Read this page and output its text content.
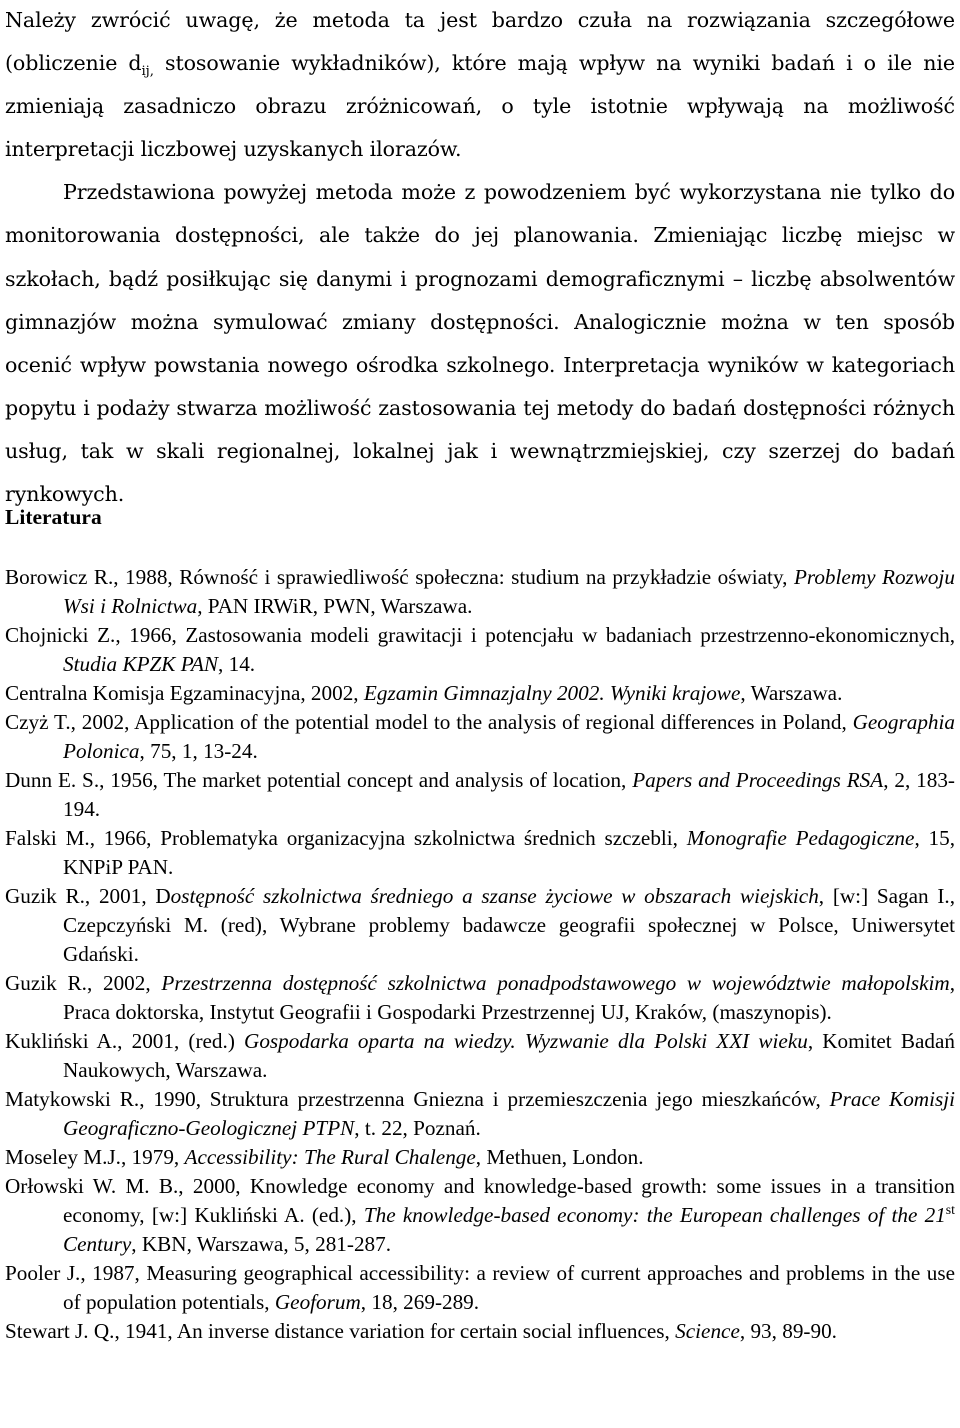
Należy zwrócić uwagę, że metoda ta jest bardzo czuła na rozwiązania szczegółowe (obliczenie $d_{ij,}$ stosowanie wykładników), które mają wpływ na wyniki badań i o ile nie zmieniają zasadniczo obrazu zróżnicowań, o tyle istotnie wpływają na możliwość interpretacji liczbowej uzyskanych ilorazów.

Przedstawiona powyżej metoda może z powodzeniem być wykorzystana nie tylko do monitorowania dostępności, ale także do jej planowania. Zmieniając liczbę miejsc w szkołach, bądź posiłkując się danymi i prognozami demograficznymi – liczbę absolwentów gimnazjów można symulować zmiany dostępności. Analogicznie można w ten sposób ocenić wpływ powstania nowego ośrodka szkolnego. Interpretacja wyników w kategoriach popytu i podaży stwarza możliwość zastosowania tej metody do badań dostępności różnych usług, tak w skali regionalnej, lokalnej jak i wewnątrzmiejskiej, czy szerzej do badań rynkowych.

Literatura

Borowicz R., 1988, Równość i sprawiedliwość społeczna: studium na przykładzie oświaty, Problemy Rozwoju Wsi i Rolnictwa, PAN IRWiR, PWN, Warszawa.

Chojnicki Z., 1966, Zastosowania modeli grawitacji i potencjału w badaniach przestrzenno-ekonomicznych, Studia KPZK PAN, 14.

Centralna Komisja Egzaminacyjna, 2002, Egzamin Gimnazjalny 2002. Wyniki krajowe, Warszawa.

Czyż T., 2002, Application of the potential model to the analysis of regional differences in Poland, Geographia Polonica, 75, 1, 13-24.

Dunn E. S., 1956, The market potential concept and analysis of location, Papers and Proceedings RSA, 2, 183-194.

Falski M., 1966, Problematyka organizacyjna szkolnictwa średnich szczebli, Monografie Pedagogiczne, 15, KNPiP PAN.

Guzik R., 2001, Dostępność szkolnictwa średniego a szanse życiowe w obszarach wiejskich, [w:] Sagan I., Czepczyński M. (red), Wybrane problemy badawcze geografii społecznej w Polsce, Uniwersytet Gdański.

Guzik R., 2002, Przestrzenna dostępność szkolnictwa ponadpodstawowego w województwie małopolskim, Praca doktorska, Instytut Geografii i Gospodarki Przestrzennej UJ, Kraków, (maszynopis).

Kukliński A., 2001, (red.) Gospodarka oparta na wiedzy. Wyzwanie dla Polski XXI wieku, Komitet Badań Naukowych, Warszawa.

Matykowski R., 1990, Struktura przestrzenna Gniezna i przemieszczenia jego mieszkańców, Prace Komisji Geograficzno-Geologicznej PTPN, t. 22, Poznań.

Moseley M.J., 1979, Accessibility: The Rural Chalenge, Methuen, London.

Orłowski W. M. B., 2000, Knowledge economy and knowledge-based growth: some issues in a transition economy, [w:] Kukliński A. (ed.), The knowledge-based economy: the European challenges of the 21st Century, KBN, Warszawa, 5, 281-287.

Pooler J., 1987, Measuring geographical accessibility: a review of current approaches and problems in the use of population potentials, Geoforum, 18, 269-289.

Stewart J. Q., 1941, An inverse distance variation for certain social influences, Science, 93, 89-90.
